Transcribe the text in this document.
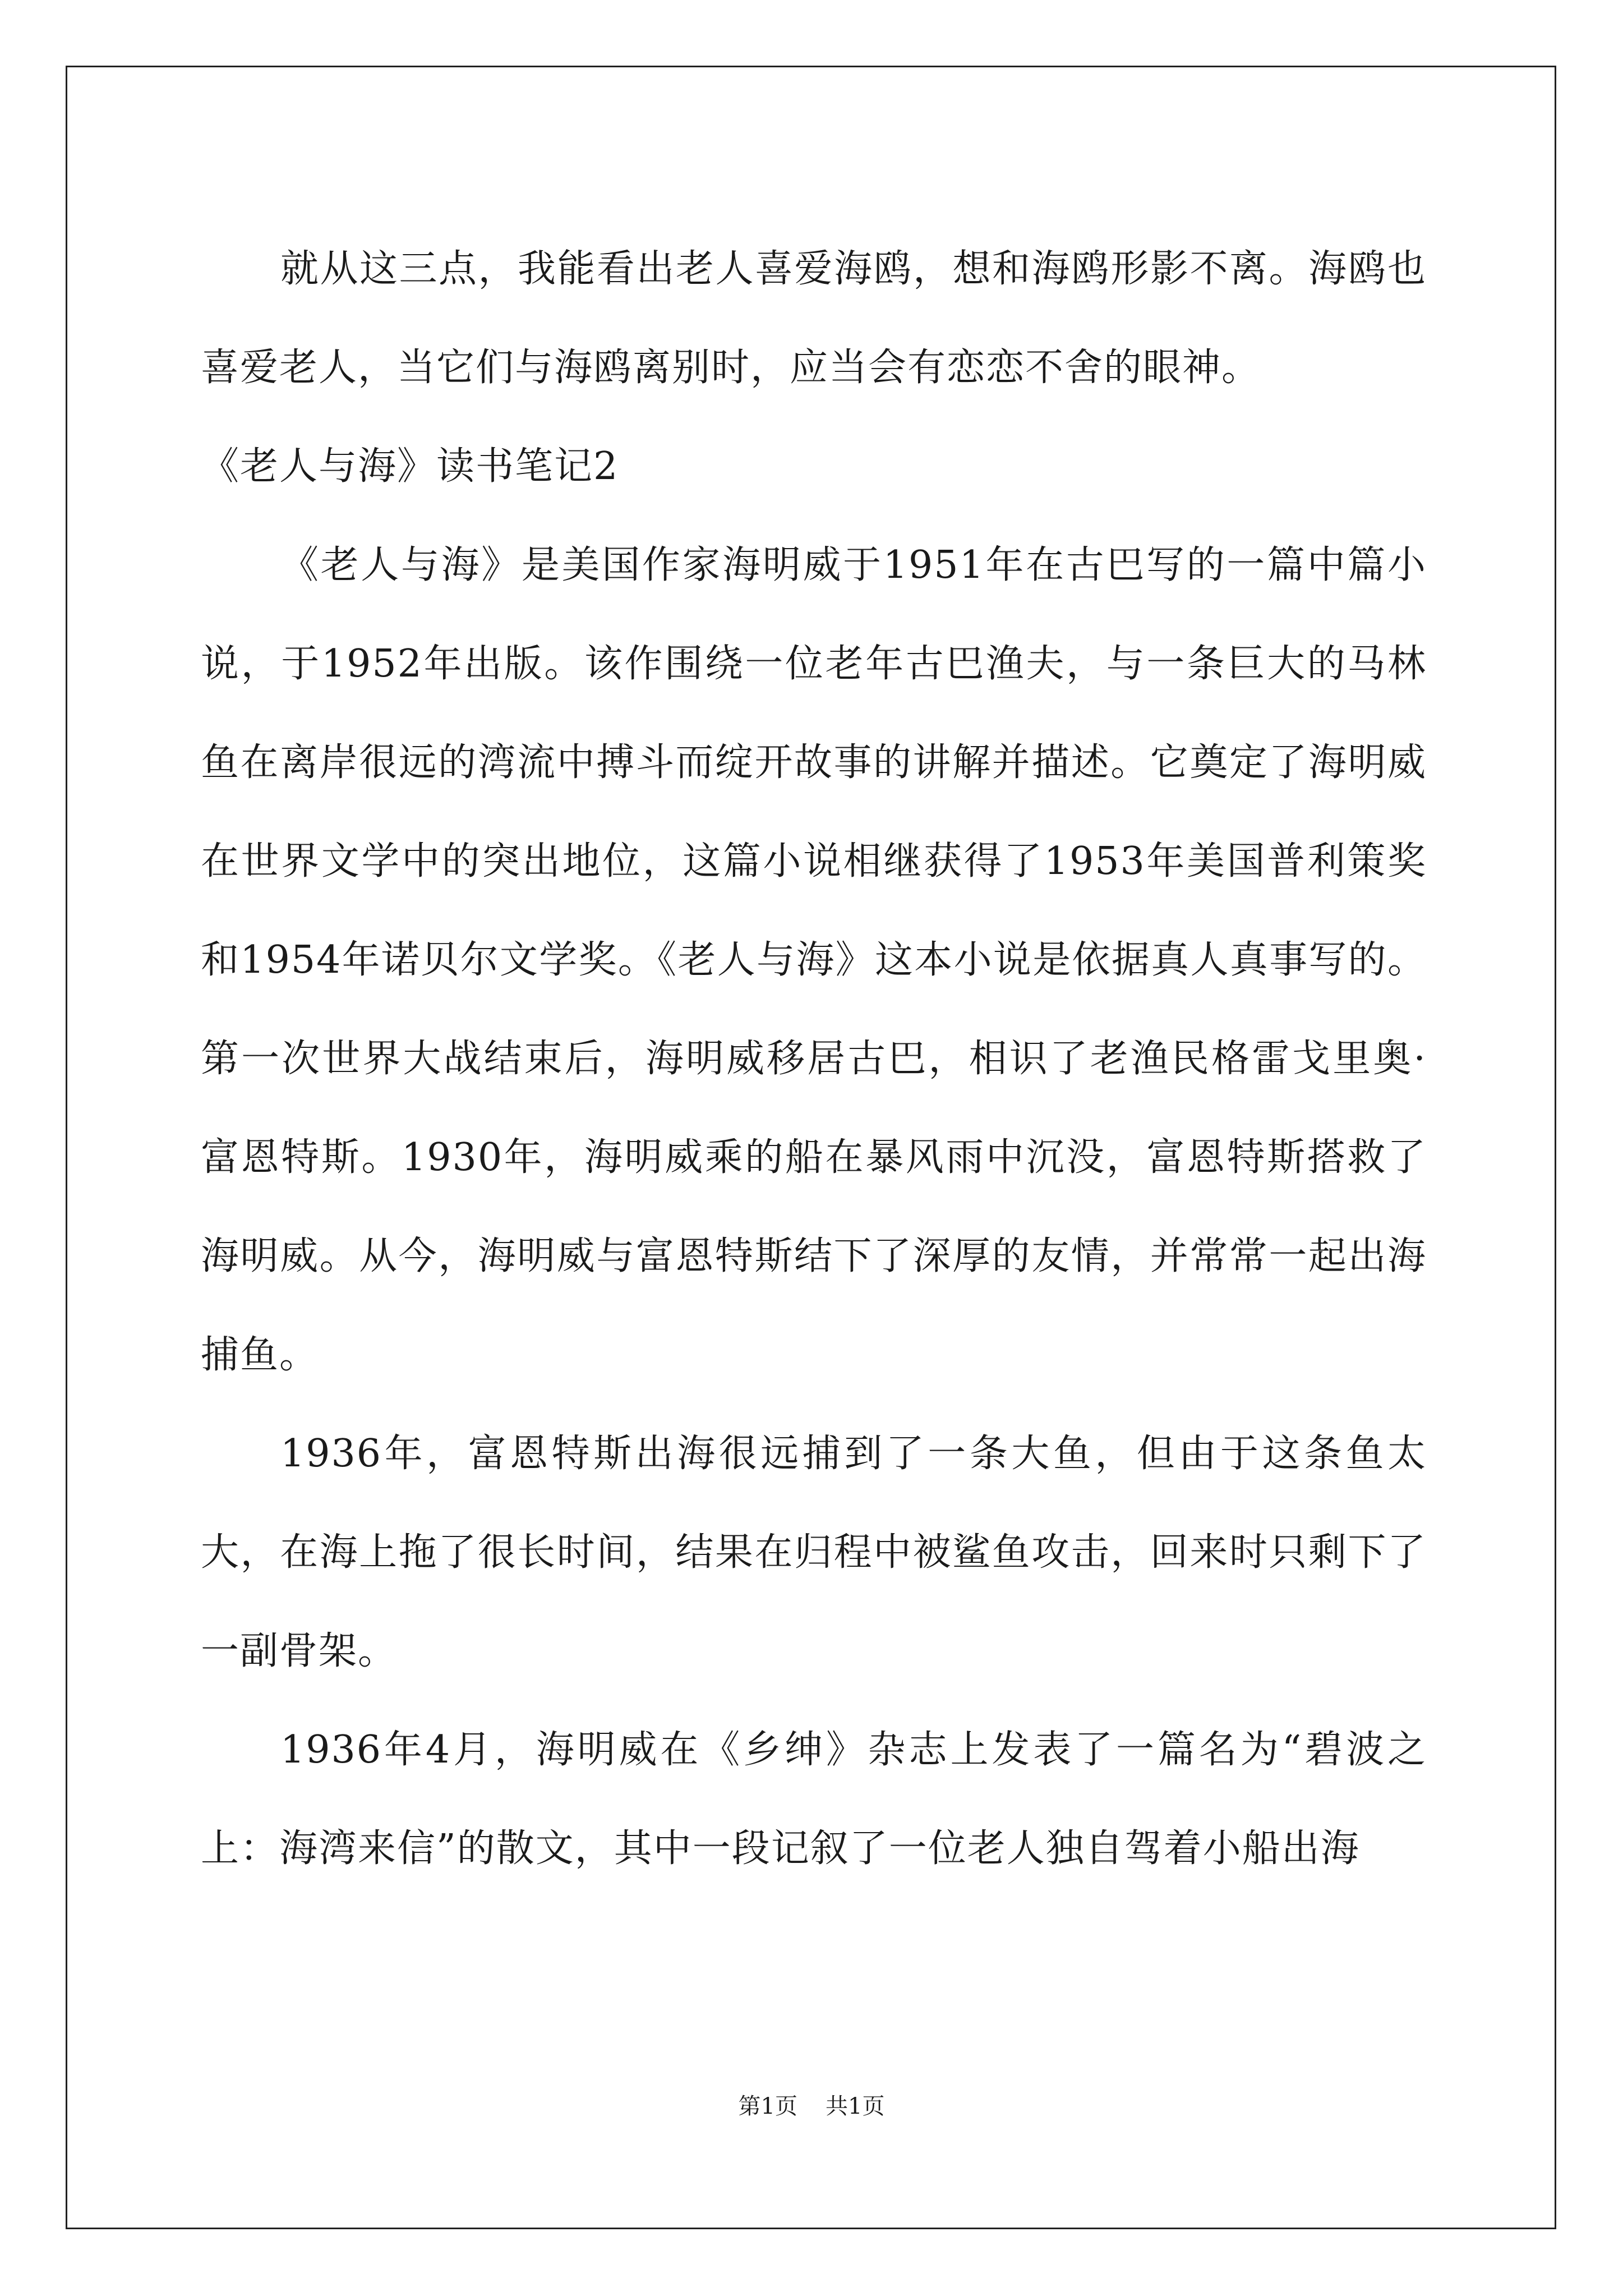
就从这三点，我能看出老人喜爱海鸥，想和海鸥形影不离。海鸥也喜爱老人，当它们与海鸥离别时，应当会有恋恋不舍的眼神。

《老人与海》读书笔记2

《老人与海》是美国作家海明威于1951年在古巴写的一篇中篇小说，于1952年出版。该作围绕一位老年古巴渔夫，与一条巨大的马林鱼在离岸很远的湾流中搏斗而绽开故事的讲解并描述。它奠定了海明威在世界文学中的突出地位，这篇小说相继获得了1953年美国普利策奖和1954年诺贝尔文学奖。《老人与海》这本小说是依据真人真事写的。第一次世界大战结束后，海明威移居古巴，相识了老渔民格雷戈里奥·富恩特斯。1930年，海明威乘的船在暴风雨中沉没，富恩特斯搭救了海明威。从今，海明威与富恩特斯结下了深厚的友情，并常常一起出海捕鱼。

1936年，富恩特斯出海很远捕到了一条大鱼，但由于这条鱼太大，在海上拖了很长时间，结果在归程中被鲨鱼攻击，回来时只剩下了一副骨架。

1936年4月，海明威在《乡绅》杂志上发表了一篇名为“碧波之上：海湾来信”的散文，其中一段记叙了一位老人独自驾着小船出海

第1页 共1页
